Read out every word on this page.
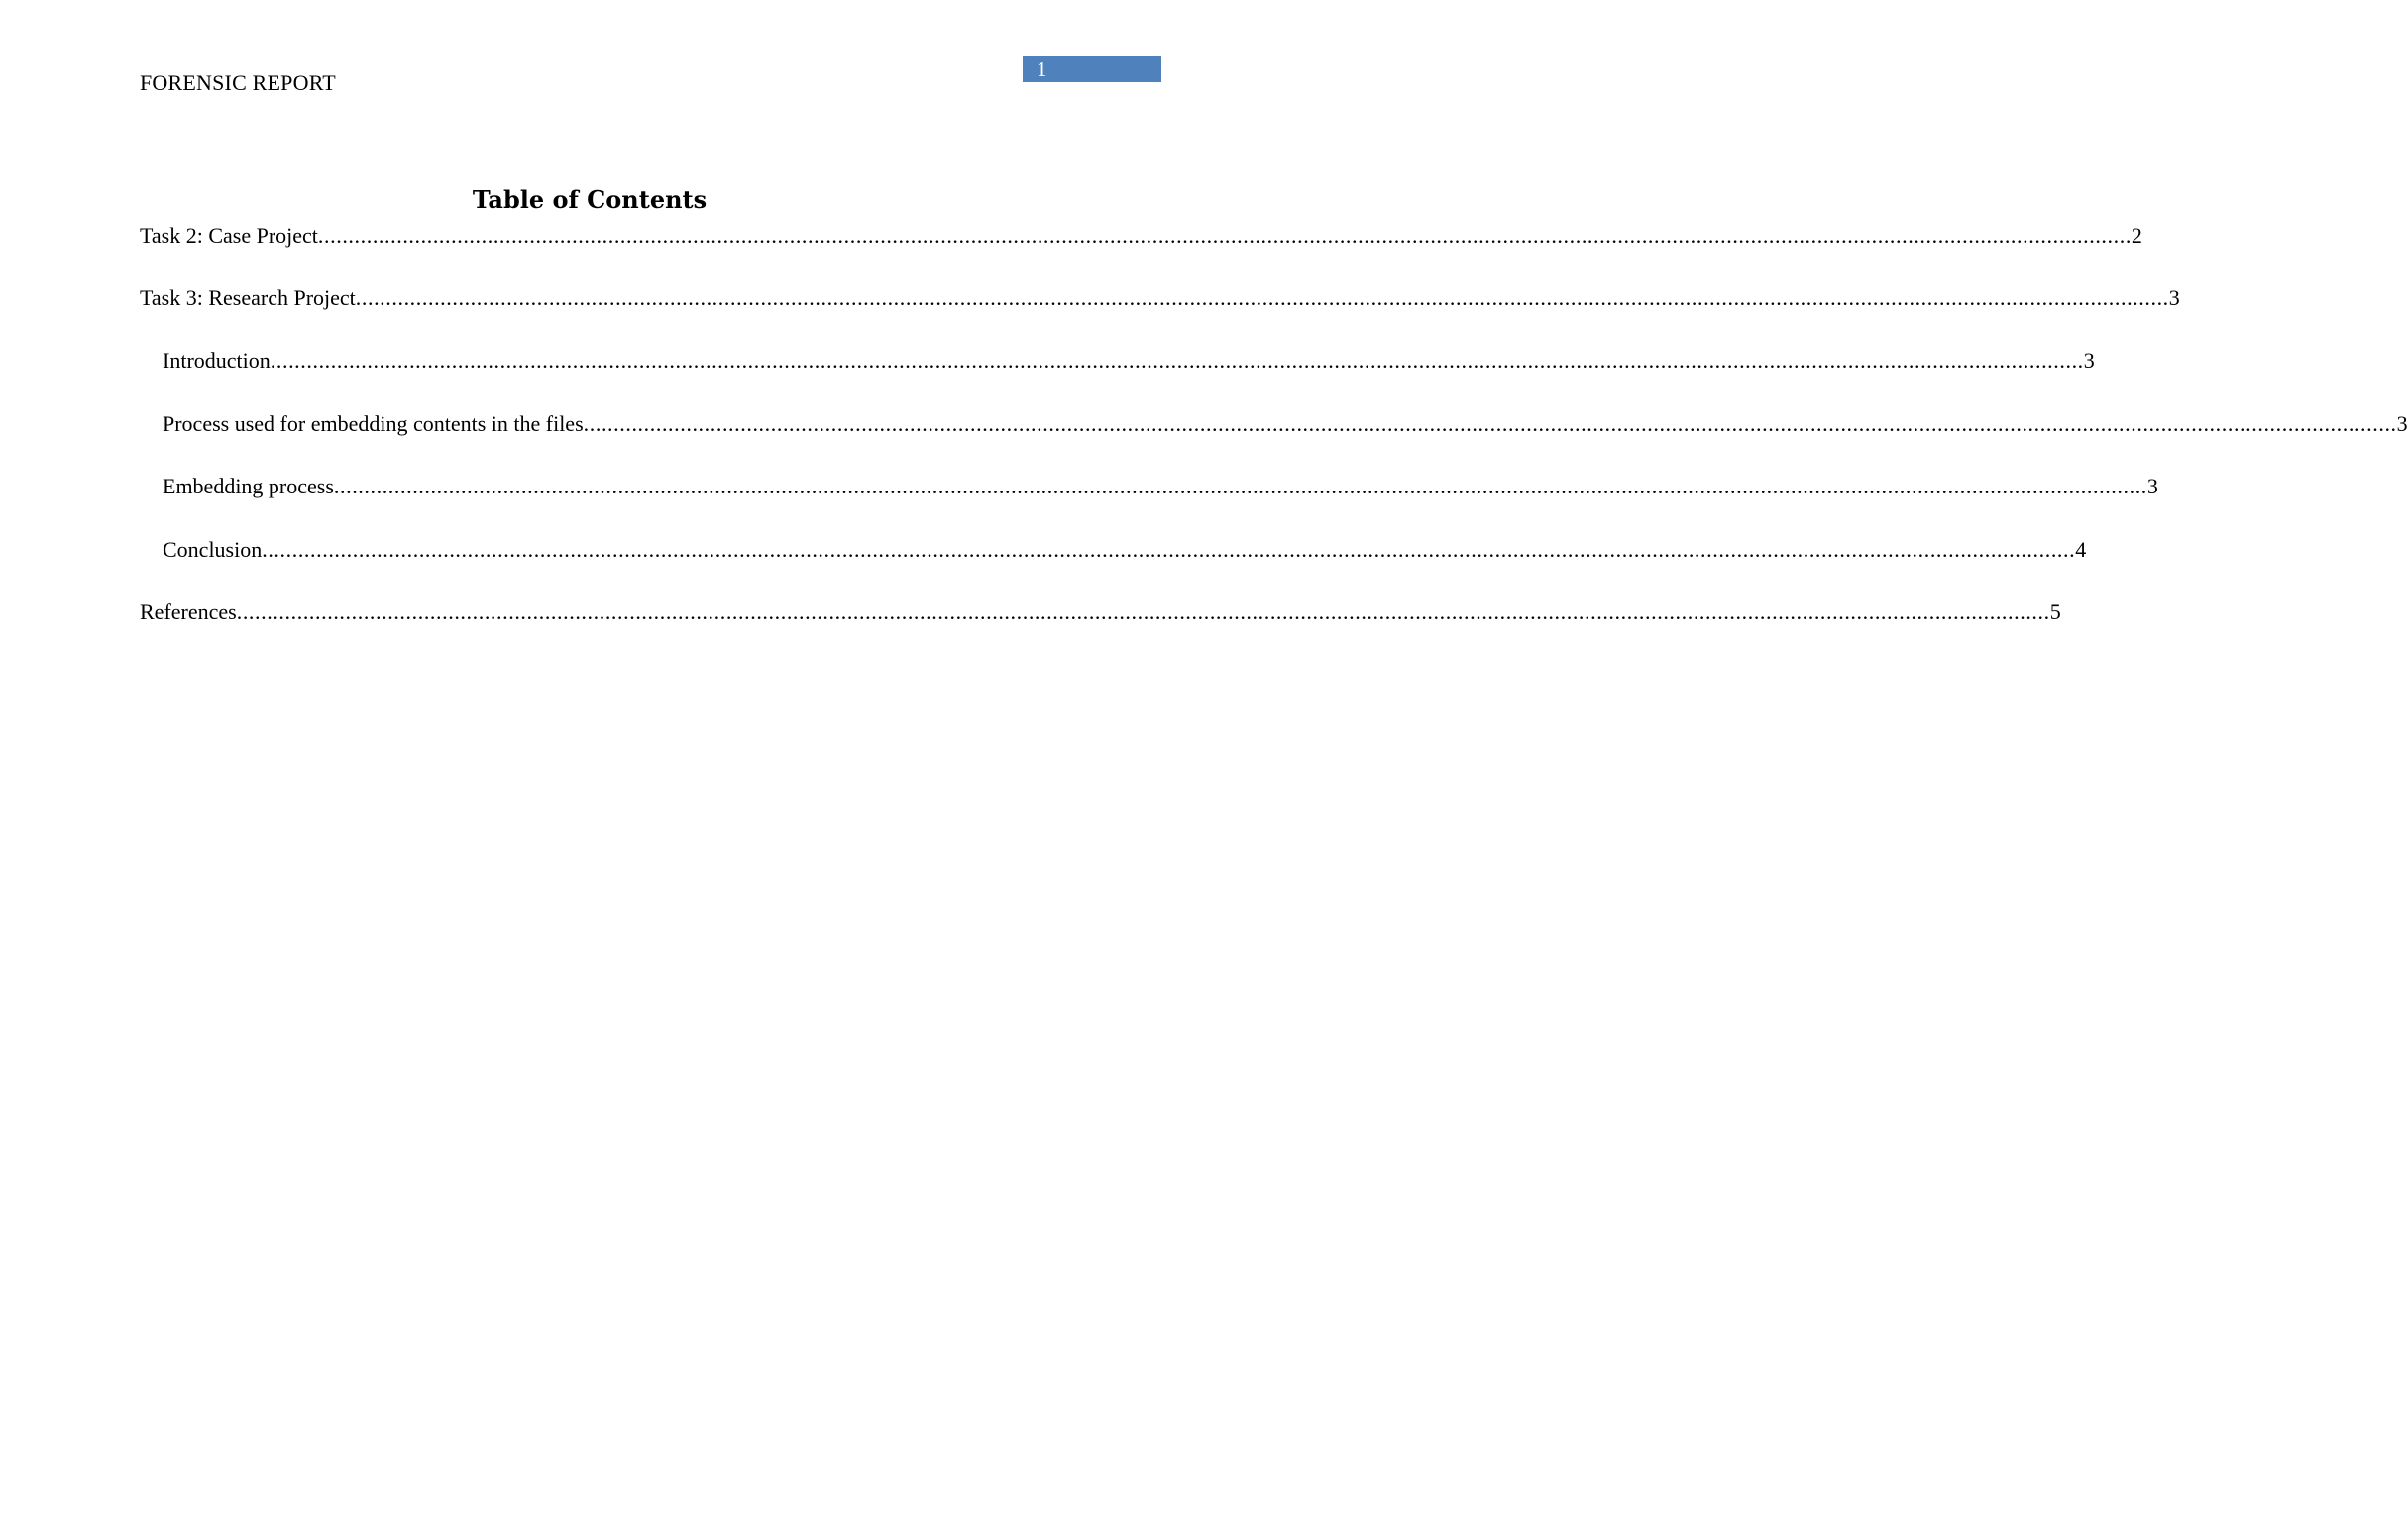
FORENSIC REPORT
1
Table of Contents
Task 2: Case Project ............................................................................................................................................................................................................................................................................................................ 2
Task 3: Research Project ............................................................................................................................................................................................................................................................................................................ 3
Introduction ............................................................................................................................................................................................................................................................................................................ 3
Process used for embedding contents in the files ............................................................................................................................................................................................................................................................................................................ 3
Embedding process ............................................................................................................................................................................................................................................................................................................ 3
Conclusion ............................................................................................................................................................................................................................................................................................................ 4
References ............................................................................................................................................................................................................................................................................................................ 5
